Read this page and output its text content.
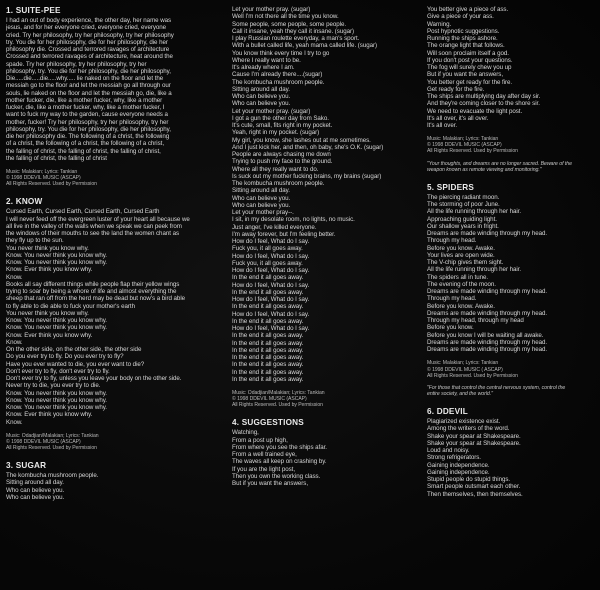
1. SUITE-PEE
I had an out of body experience, the other day, her name was
jesus, and for her everyone cried, everyone cried, everyone
cried. Try her philosophy, try her philosophy, try her philosophy
try. You die for her philosophy, die for her philosophy, die her
philosophy die. Crossed and terrored ravages of architecture
Crossed and terrored ravages of architecture, heat around the
spade. Try her philosophy, try her philosophy, try her
philosophy, try. You die for her philosophy, die her philosophy,
Die.....die.....die.....why..... lie naked on the floor and let the
messiah go to the floor and let the messiah go all through our
souls, lie naked on the floor and let the messiah go, die, like a
mother fucker, die, like a mother fucker, why, like a mother
fucker, die, like a mother fucker, why, like a mother fucker, I
want to fuck my way to the garden, cause everyone needs a
mother, fucker! Try her philosophy, try her philosophy, try her
philosophy, try. You die for her philosophy, die her philosophy,
die her philosophy die. The following of a christ, the following
of a christ, the following of a christ, the following of a christ,
the falling of christ, the falling of christ, the falling of christ,
the falling of christ, the falling of christ
Music: Malakian; Lyrics: Tankian
© 1998 DDEVIL MUSIC (ASCAP)
All Rights Reserved. Used by Permission
2. KNOW
Cursed Earth, Cursed Earth, Cursed Earth, Cursed Earth
I will never feed off the evergreen luster of your heart all because we
all live in the valley of the walls when we speak we can peek from
the windows of their mouths to see the land the women chant as
they fly up to the sun.
You never think you know why.
Know. You never think you know why.
Know. You never think you know why.
Know. Ever think you know why.
Know.
Books all say different things while people flap their yellow wings
trying to soar by being a whore of life and almost everything the
sheep that ran off from the herd may be dead but now's a bird able
to fly able to die able to fuck your mother's earth
You never think you know why.
Know. You never think you know why.
Know. You never think you know why.
Know. Ever think you know why.
Know.
On the other side, on the other side, the other side
Do you ever try to fly. Do you ever try to fly?
Have you ever wanted to die, you ever want to die?
Don't ever try to fly, don't ever try to fly.
Don't ever try to fly, unless you leave your body on the other side.
Never try to die, you ever try to die.
Know. You never think you know why.
Know. You never think you know why.
Know. You never think you know why.
Know. Ever think you know why.
Know.
Music: Odadjian/Malakian; Lyrics: Tankian
© 1998 DDEVIL MUSIC (ASCAP)
All Rights Reserved. Used by Permission
3. SUGAR
The kombucha mushroom people.
Sitting around all day.
Who can believe you.
Who can believe you.
Let your mother pray. (sugar)
Well I'm not there all the time you know.
Some people, some people, some people.
Call it insane, yeah they call it insane. (sugar)
I play Russian roulette everyday, a man's sport.
With a bullet called life, yeah mama called life. (sugar)
You know think every time I try to go
Where I really want to be.
It's already where I am.
Cause I'm already there....(sugar)
The kombucha mushroom people.
Sitting around all day.
Who can believe you.
Who can believe you.
Let your mother pray. (sugar)
I got a gun the other day from Sako.
It's cute, small, fits right in my pocket.
Yeah, right in my pocket. (sugar)
My girl, you know, she lashes out at me sometimes.
And I just kick her, and then, oh baby, she's O.K. (sugar)
People are always chasing me down
Trying to push my face to the ground.
Where all they really want to do.
Is suck out my mother fucking brains, my brains (sugar)
The kombucha mushroom people.
Sitting around all day.
Who can believe you.
Who can believe you.
Let your mother pray--.
I sit, in my desolate room, no lights, no music.
Just anger, I've killed everyone.
I'm away forever, but I'm feeling better.
How do I feel, What do I say.
Fuck you, it all goes away.
How do I feel, What do I say.
Fuck you, it all goes away.
How do I feel, What do I say.
In the end it all goes away.
How do I feel, What do I say.
In the end it all goes away.
How do I feel, What do I say.
In the end it all goes away.
How do I feel, What do I say.
In the end it all goes away.
How do I feel, What do I say.
In the end it all goes away.
In the end it all goes away.
In the end it all goes away.
In the end it all goes away.
In the end it all goes away.
In the end it all goes away.
In the end it all goes away.
Music: Odadjian/Malakian; Lyrics: Tankian
© 1998 DDEVIL MUSIC (ASCAP)
All Rights Reserved. Used by Permission
4. SUGGESTIONS
Watching,
From a post up high,
From where you see the ships afar.
From a well trained eye,
The waves all keep on crashing by.
If you are the light post,
Then you own the working class.
But if you want the answers,
You better give a piece of ass.
Give a piece of your ass.
Warning.
Post hypnotic suggestions.
Running the ships ashore.
The orange light that follows.
Will soon proclaim itself a god.
If you don't post your questions.
The fog will surely chew you up
But if you want the answers,
You better get ready for the fire.
Get ready for the fire.
The ships are multiplying day after day sir.
And they're coming closer to the shore sir.
We need to evacuate the light post.
It's all over, it's all over.
It's all over.
Music: Malakian; Lyrics: Tankian
© 1998 DDEVIL MUSIC (ASCAP)
All Rights Reserved. Used by Permission
"Your thoughts, and dreams are no longer sacred. Beware of the
weapon known as remote viewing and monitoring."
5. SPIDERS
The piercing radiant moon.
The storming of poor June.
All the life running through her hair.
Approaching guiding light.
Our shallow years in fright.
Dreams are made winding through my head.
Through my head.
Before you know. Awake.
Your lives are open wide.
The V-chip gives them sight.
All the life running through her hair.
The spiders all in tune.
The evening of the moon.
Dreams are made winding through my head.
Through my head.
Before you know. Awake.
Dreams are made winding through my head.
Through my head, through my head
Before you know.
Before you know I will be waiting all awake.
Dreams are made winding through my head.
Dreams are made winding through my head.
Music: Malakian; Lyrics: Tankian
© 1998 DDEVIL MUSIC ( ASCAP)
All Rights Reserved. Used by Permission
"For those that control the central nervous system, control the
entire society, and the world."
6. DDEVIL
Plagiarized existence exist.
Among the writers of the word.
Shake your spear at Shakespeare.
Shake your spear at Shakespeare.
Loud and noisy.
Strong refrigerators.
Gaining independence.
Gaining independence.
Stupid people do stupid things.
Smart people outsmart each other.
Then themselves, then themselves.
